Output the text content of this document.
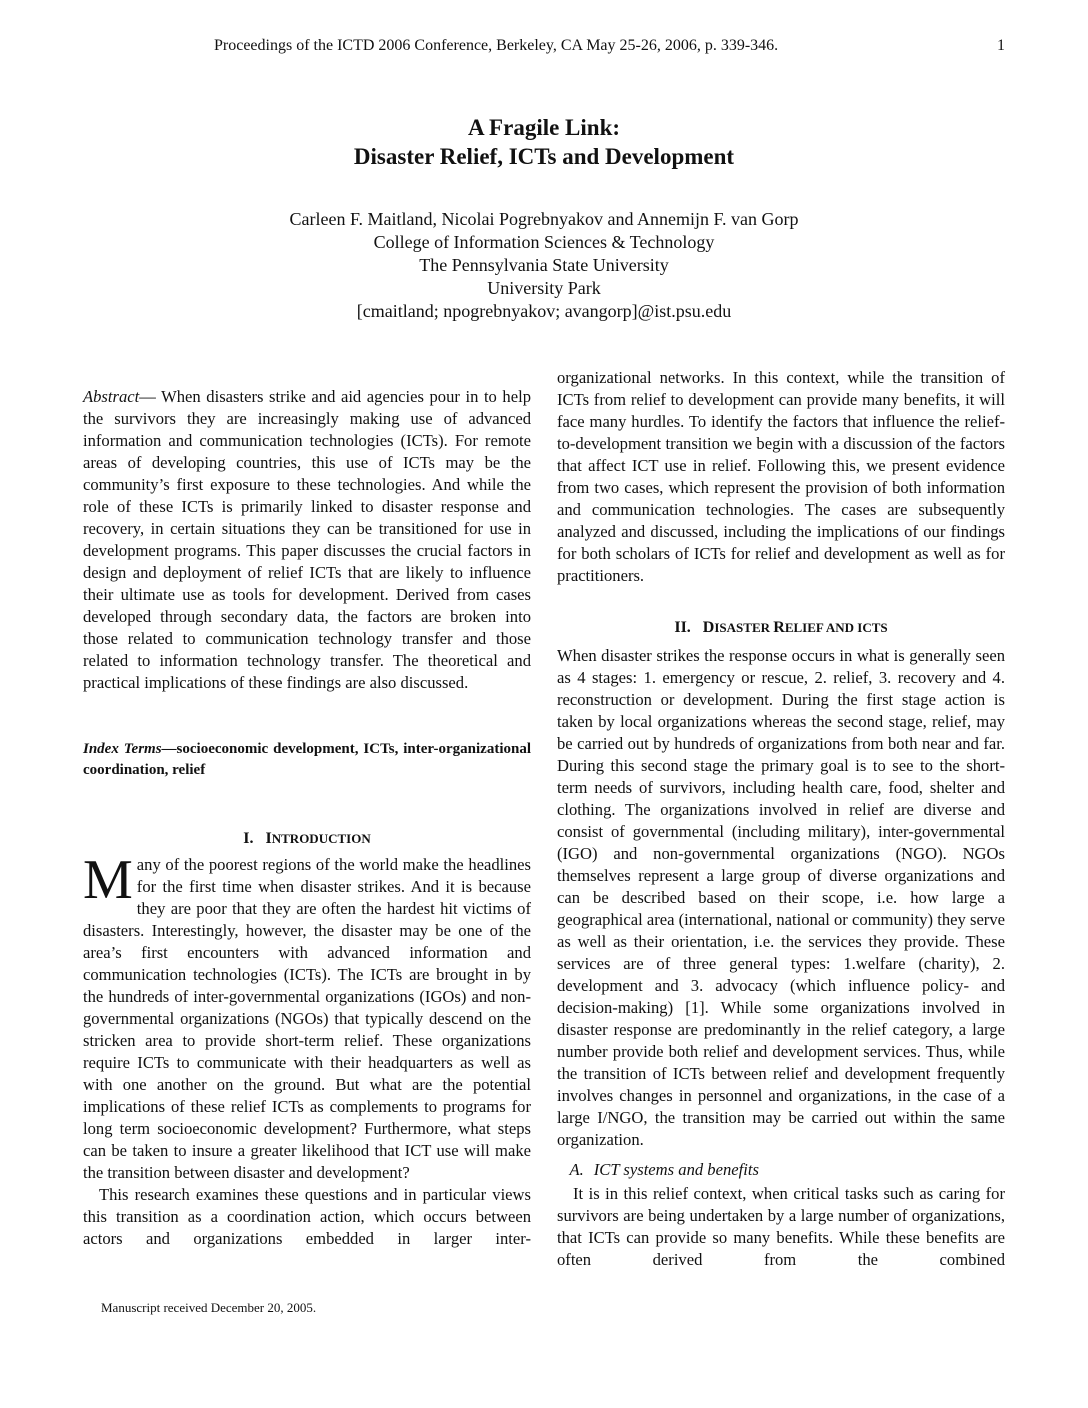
Proceedings of the ICTD 2006 Conference, Berkeley, CA May 25-26, 2006, p. 339-346.	1
A Fragile Link:
Disaster Relief, ICTs and Development
Carleen F. Maitland, Nicolai Pogrebnyakov and Annemijn F. van Gorp
College of Information Sciences & Technology
The Pennsylvania State University
University Park
[cmaitland; npogrebnyakov; avangorp]@ist.psu.edu

Abstract— When disasters strike and aid agencies pour in to help the survivors they are increasingly making use of advanced information and communication technologies (ICTs). For remote areas of developing countries, this use of ICTs may be the community’s first exposure to these technologies. And while the role of these ICTs is primarily linked to disaster response and recovery, in certain situations they can be transitioned for use in development programs. This paper discusses the crucial factors in design and deployment of relief ICTs that are likely to influence their ultimate use as tools for development. Derived from cases developed through secondary data, the factors are broken into those related to communication technology transfer and those related to information technology transfer. The theoretical and practical implications of these findings are also discussed.

Index Terms—socioeconomic development, ICTs, inter-organizational coordination, relief

I. INTRODUCTION

Many of the poorest regions of the world make the headlines for the first time when disaster strikes. And it is because they are poor that they are often the hardest hit victims of disasters. Interestingly, however, the disaster may be one of the area’s first encounters with advanced information and communication technologies (ICTs). The ICTs are brought in by the hundreds of inter-governmental organizations (IGOs) and non-governmental organizations (NGOs) that typically descend on the stricken area to provide short-term relief. These organizations require ICTs to communicate with their headquarters as well as with one another on the ground. But what are the potential implications of these relief ICTs as complements to programs for long term socioeconomic development? Furthermore, what steps can be taken to insure a greater likelihood that ICT use will make the transition between disaster and development?

This research examines these questions and in particular views this transition as a coordination action, which occurs between actors and organizations embedded in larger inter-

organizational networks. In this context, while the transition of ICTs from relief to development can provide many benefits, it will face many hurdles. To identify the factors that influence the relief-to-development transition we begin with a discussion of the factors that affect ICT use in relief. Following this, we present evidence from two cases, which represent the provision of both information and communication technologies. The cases are subsequently analyzed and discussed, including the implications of our findings for both scholars of ICTs for relief and development as well as for practitioners.

II. DISASTER RELIEF AND ICTS

When disaster strikes the response occurs in what is generally seen as 4 stages: 1. emergency or rescue, 2. relief, 3. recovery and 4. reconstruction or development. During the first stage action is taken by local organizations whereas the second stage, relief, may be carried out by hundreds of organizations from both near and far. During this second stage the primary goal is to see to the short-term needs of survivors, including health care, food, shelter and clothing. The organizations involved in relief are diverse and consist of governmental (including military), inter-governmental (IGO) and non-governmental organizations (NGO). NGOs themselves represent a large group of diverse organizations and can be described based on their scope, i.e. how large a geographical area (international, national or community) they serve as well as their orientation, i.e. the services they provide. These services are of three general types: 1.welfare (charity), 2. development and 3. advocacy (which influence policy- and decision-making) [1]. While some organizations involved in disaster response are predominantly in the relief category, a large number provide both relief and development services. Thus, while the transition of ICTs between relief and development frequently involves changes in personnel and organizations, in the case of a large I/NGO, the transition may be carried out within the same organization.

A. ICT systems and benefits

It is in this relief context, when critical tasks such as caring for survivors are being undertaken by a large number of organizations, that ICTs can provide so many benefits. While these benefits are often derived from the combined

Manuscript received December 20, 2005.
